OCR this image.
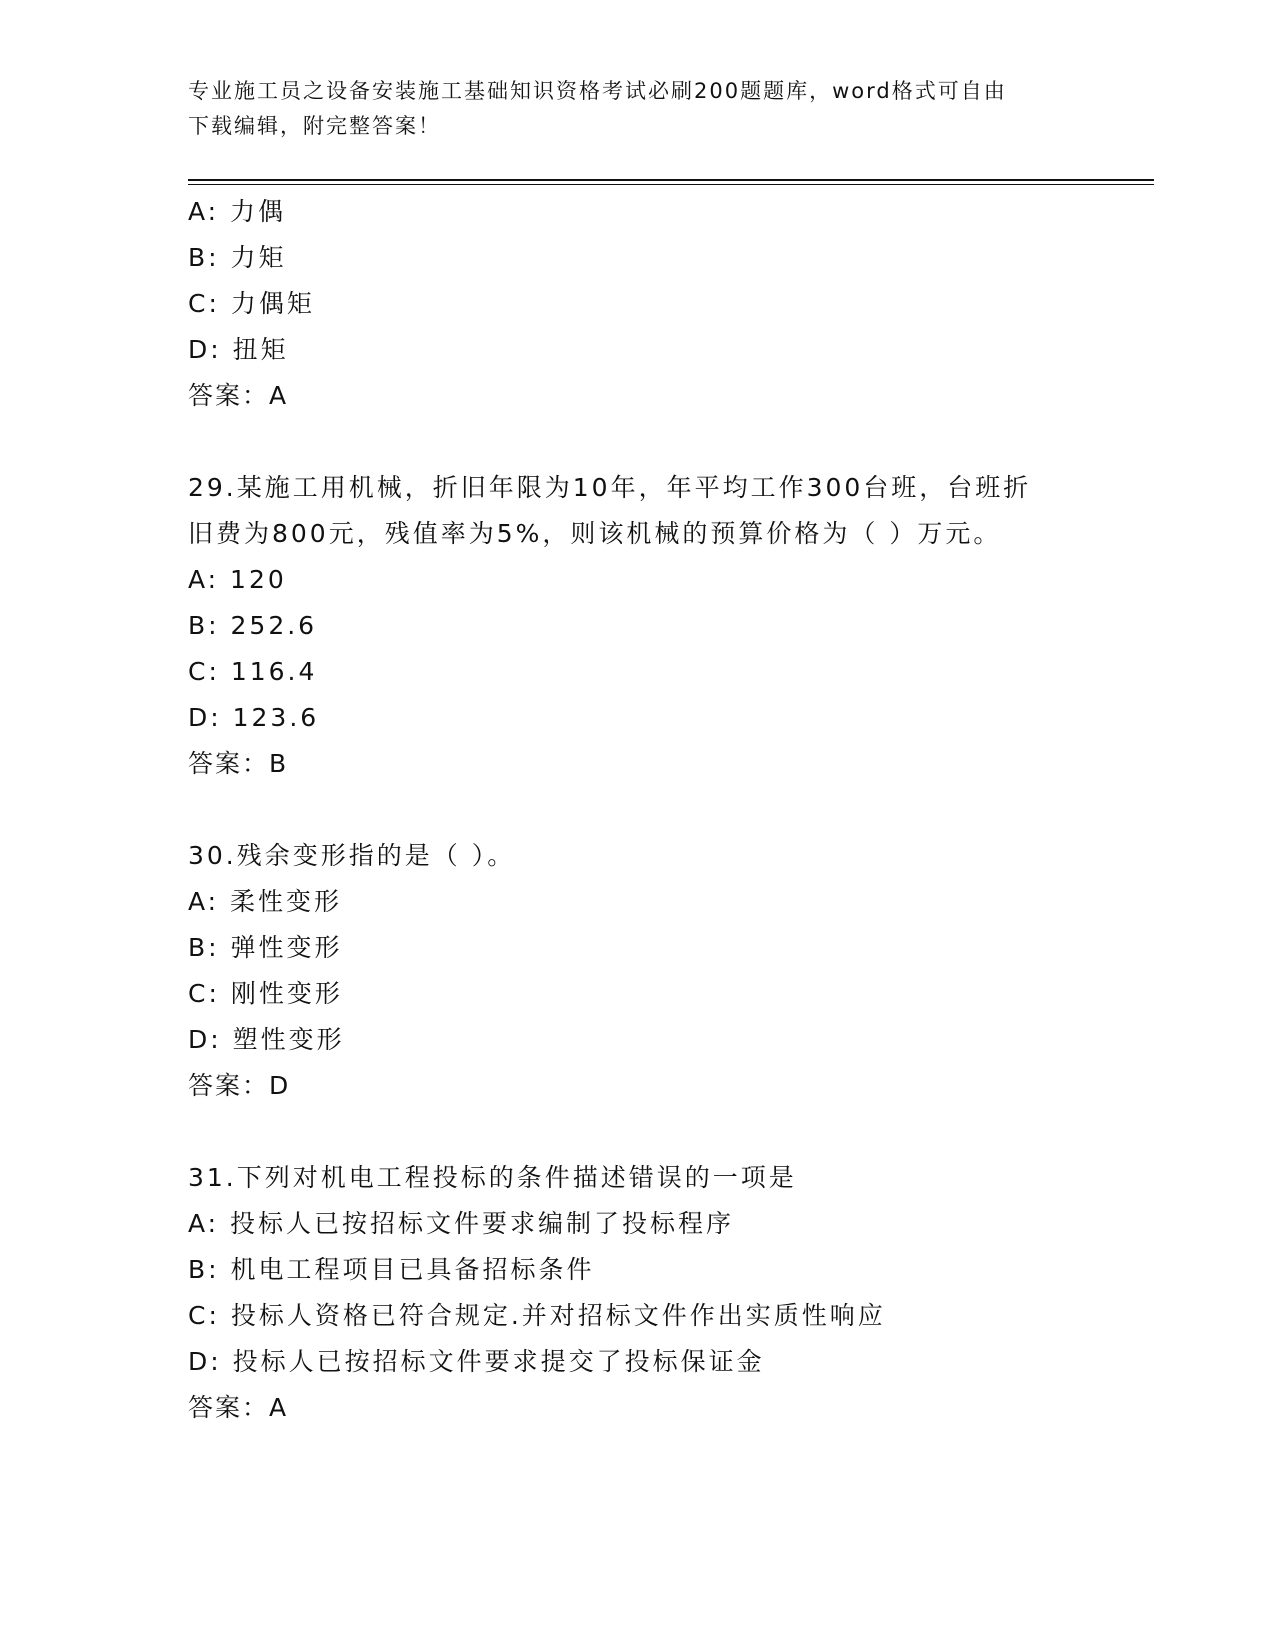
专业施工员之设备安装施工基础知识资格考试必刷200题题库，word格式可自由
下载编辑，附完整答案！
A: 力偶
B: 力矩
C: 力偶矩
D: 扭矩
答案：A
29.某施工用机械，折旧年限为10年，年平均工作300台班，台班折
旧费为800元，残值率为5%，则该机械的预算价格为（ ）万元。
A: 120
B: 252.6
C: 116.4
D: 123.6
答案：B
30.残余变形指的是（ ）。
A: 柔性变形
B: 弹性变形
C: 刚性变形
D: 塑性变形
答案：D
31.下列对机电工程投标的条件描述错误的一项是
A: 投标人已按招标文件要求编制了投标程序
B: 机电工程项目已具备招标条件
C: 投标人资格已符合规定.并对招标文件作出实质性响应
D: 投标人已按招标文件要求提交了投标保证金
答案：A
